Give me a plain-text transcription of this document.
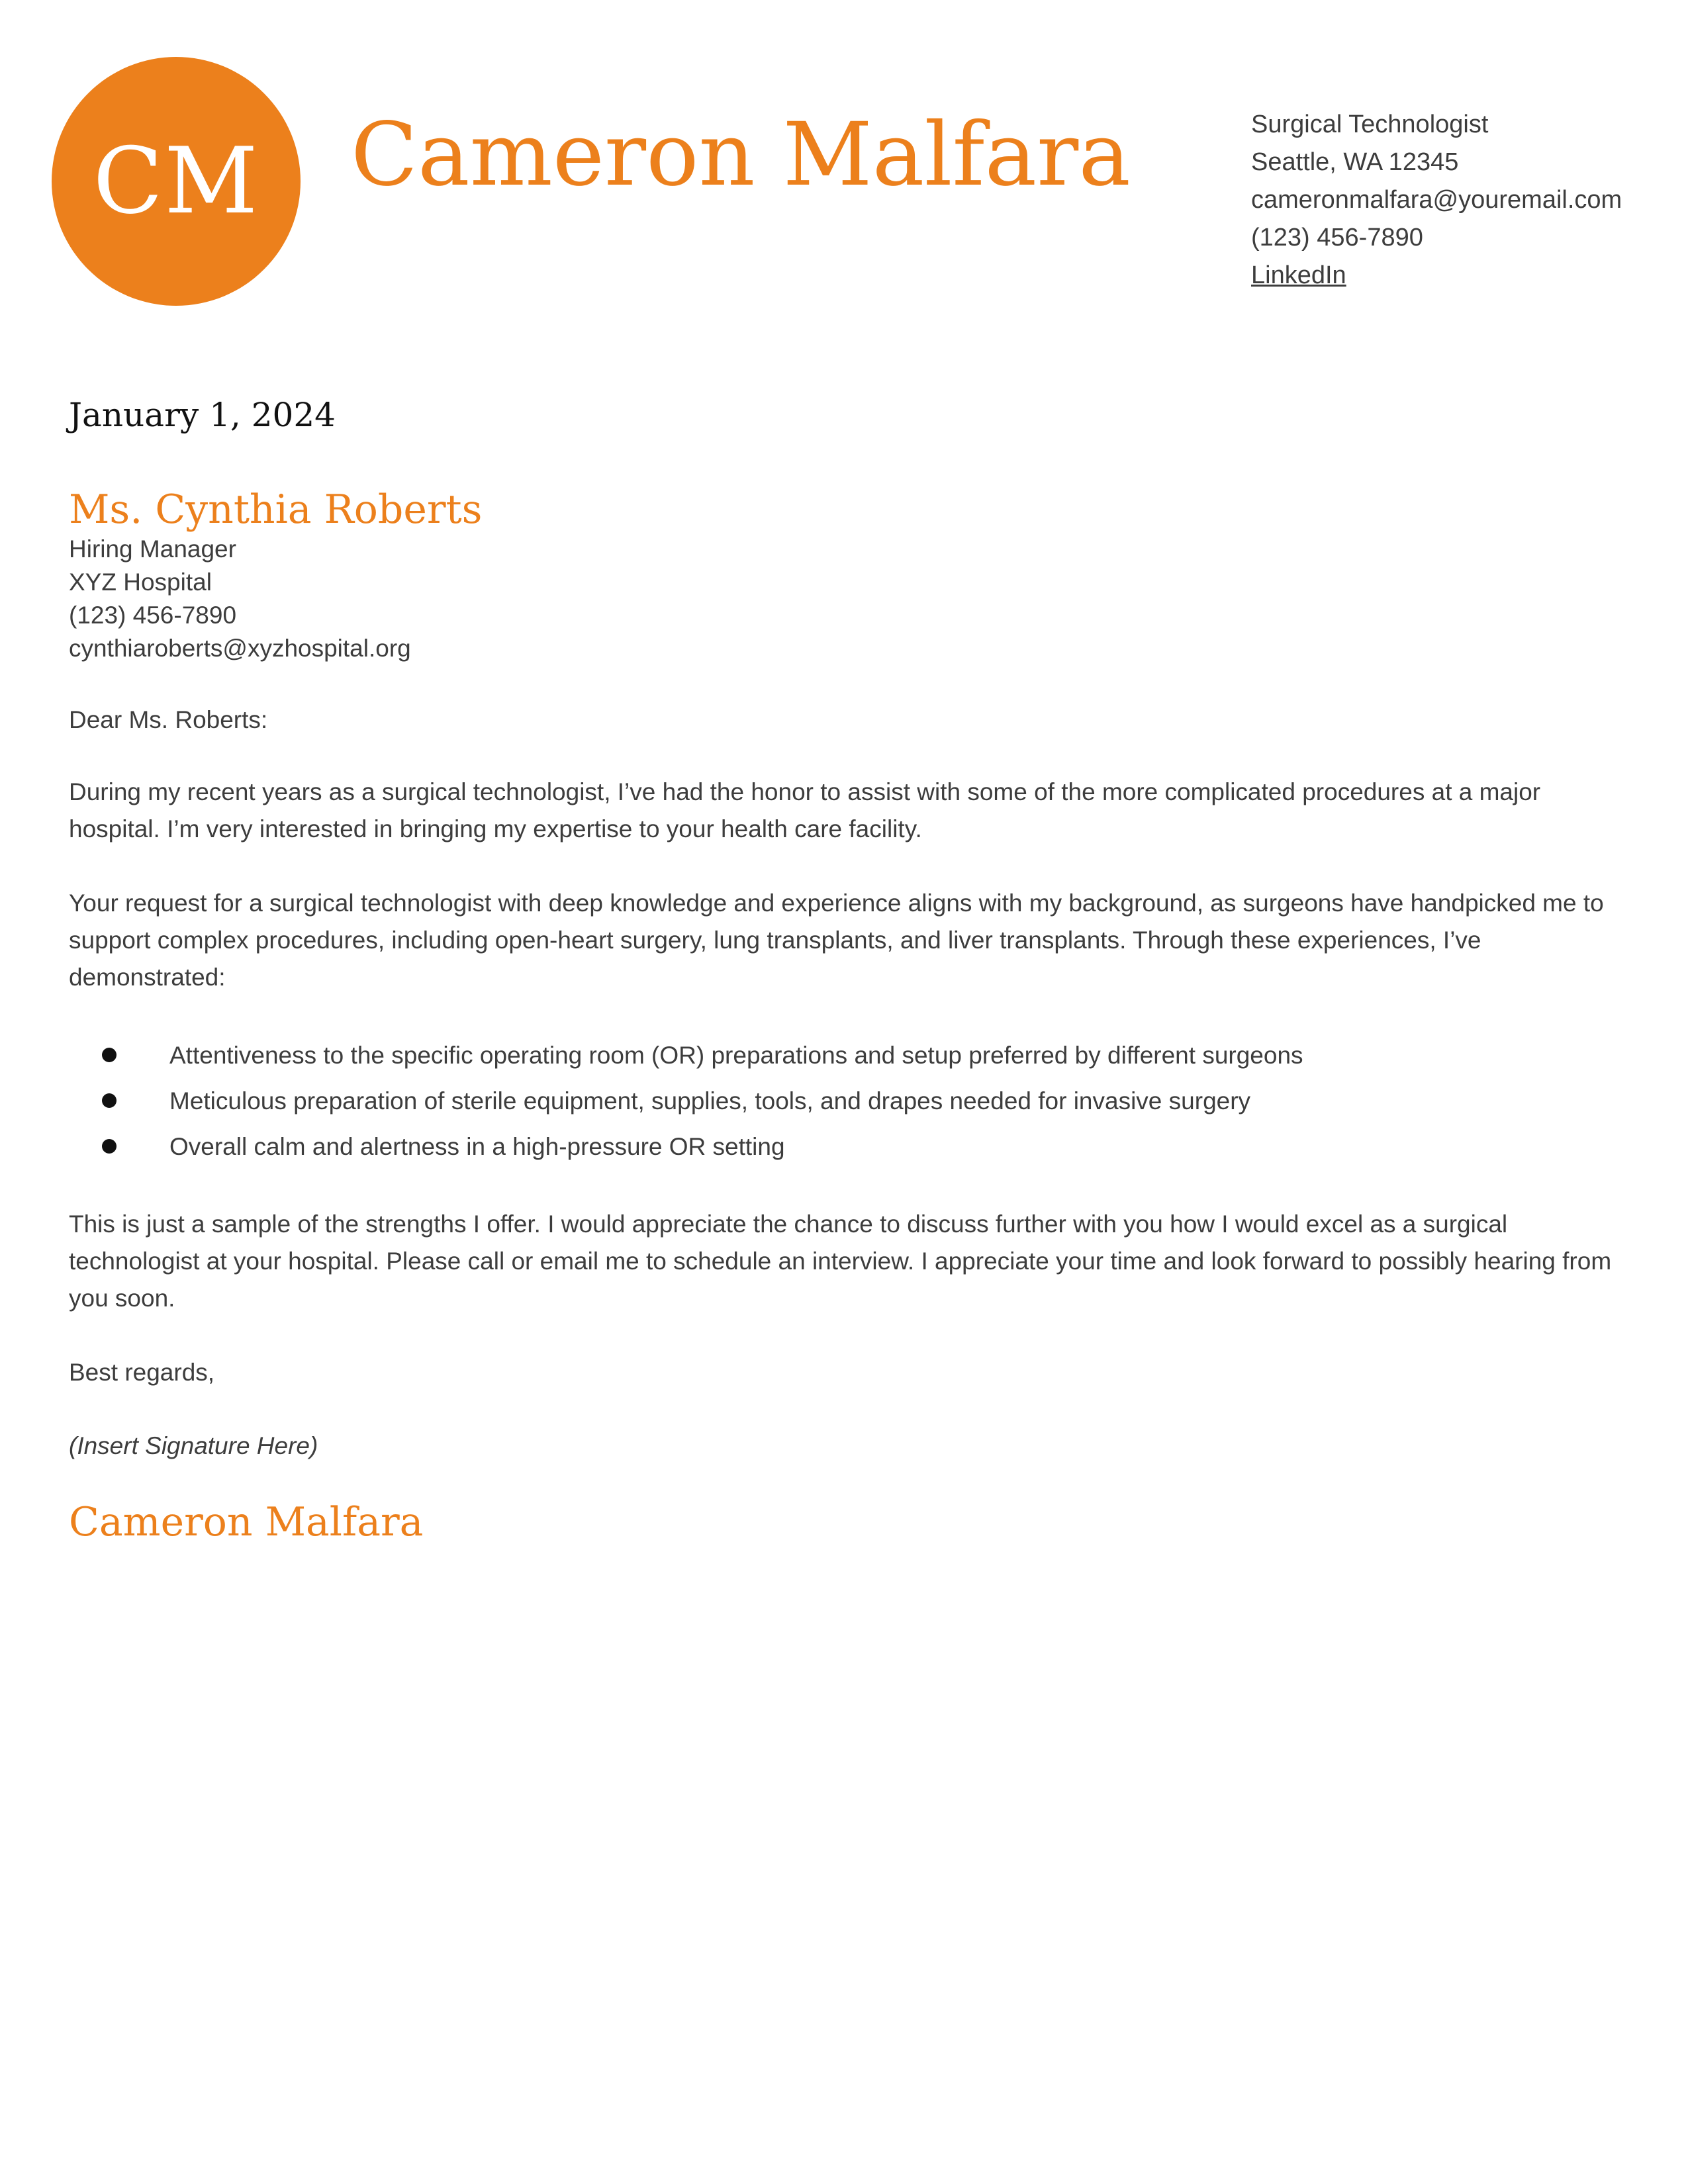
CM Cameron Malfara	Surgical Technologist
Seattle, WA 12345
cameronmalfara@youremail.com
(123) 456-7890
LinkedIn
January 1, 2024
Ms. Cynthia Roberts
Hiring Manager
XYZ Hospital
(123) 456-7890
cynthiaroberts@xyzhospital.org
Dear Ms. Roberts:
During my recent years as a surgical technologist, I’ve had the honor to assist with some of the more complicated procedures at a major hospital. I’m very interested in bringing my expertise to your health care facility.
Your request for a surgical technologist with deep knowledge and experience aligns with my background, as surgeons have handpicked me to support complex procedures, including open-heart surgery, lung transplants, and liver transplants. Through these experiences, I’ve demonstrated:
Attentiveness to the specific operating room (OR) preparations and setup preferred by different surgeons
Meticulous preparation of sterile equipment, supplies, tools, and drapes needed for invasive surgery
Overall calm and alertness in a high-pressure OR setting
This is just a sample of the strengths I offer. I would appreciate the chance to discuss further with you how I would excel as a surgical technologist at your hospital. Please call or email me to schedule an interview. I appreciate your time and look forward to possibly hearing from you soon.
Best regards,
(Insert Signature Here)
Cameron Malfara
